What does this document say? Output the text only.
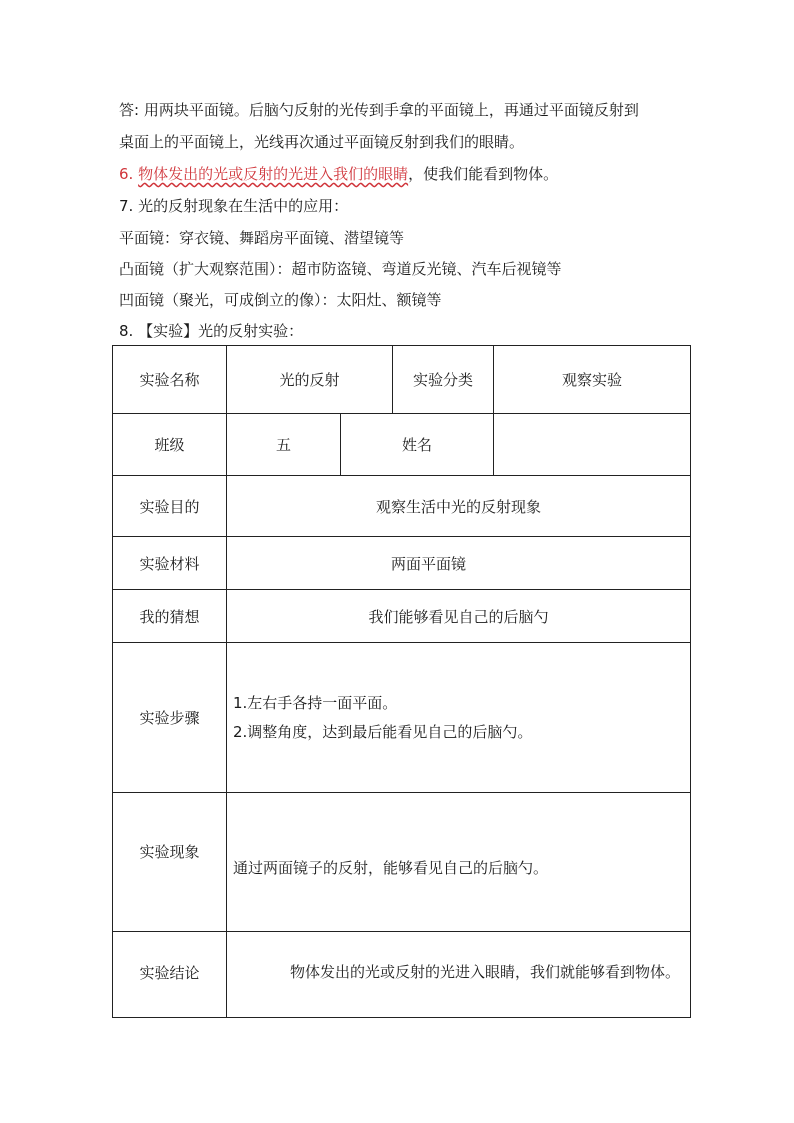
答: 用两块平面镜。后脑勺反射的光传到手拿的平面镜上，再通过平面镜反射到
桌面上的平面镜上，光线再次通过平面镜反射到我们的眼睛。
6. 物体发出的光或反射的光进入我们的眼睛，使我们能看到物体。
7. 光的反射现象在生活中的应用：
平面镜：穿衣镜、舞蹈房平面镜、潜望镜等
凸面镜（扩大观察范围）：超市防盗镜、弯道反光镜、汽车后视镜等
凹面镜（聚光，可成倒立的像）：太阳灶、额镜等
8. 【实验】光的反射实验：
实验名称	光的反射		实验分类	观察实验
班级	五	姓名		
实验目的	观察生活中光的反射现象			
实验材料	两面平面镜			
我的猜想	我们能够看见自己的后脑勺			
实验步骤	1.左右手各持一面平面。
2.调整角度，达到最后能看见自己的后脑勺。			

实验现象	通过两面镜子的反射，能够看见自己的后脑勺。			
实验结论	物体发出的光或反射的光进入眼睛，我们就能够看到物体。			
